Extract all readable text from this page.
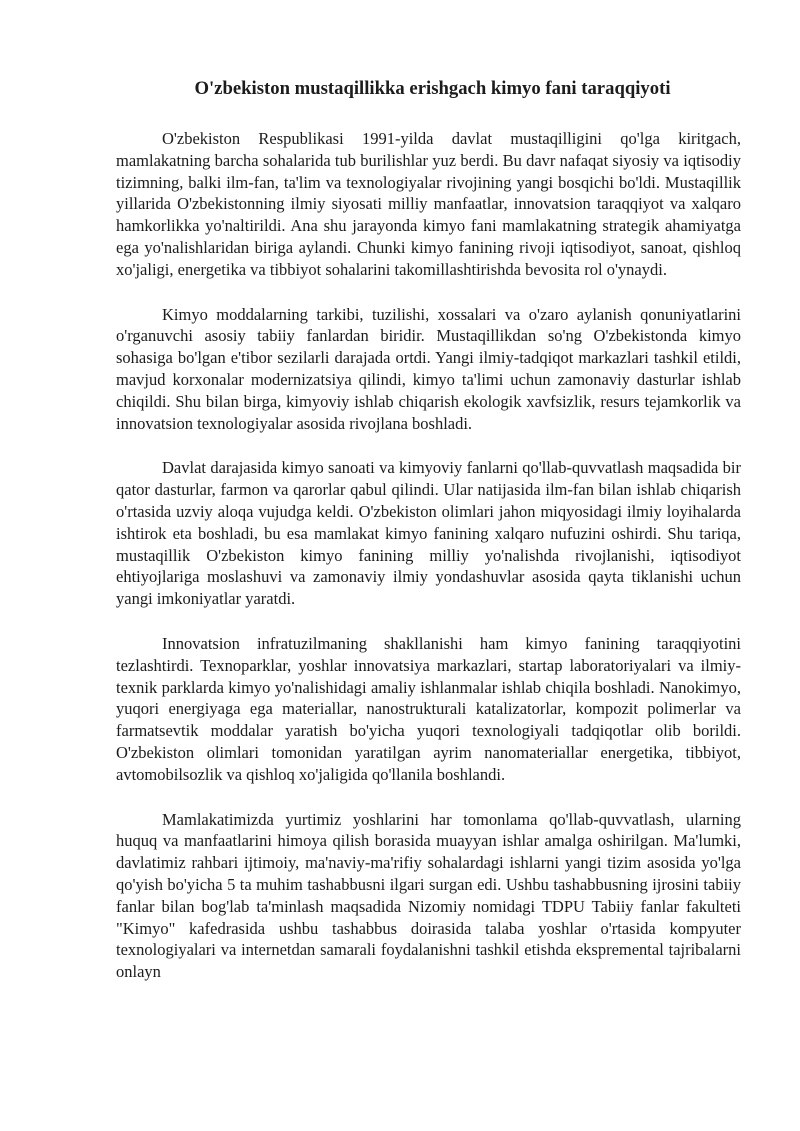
O'zbekiston mustaqillikka erishgach kimyo fani taraqqiyoti

O'zbekiston Respublikasi 1991-yilda davlat mustaqilligini qo'lga kiritgach, mamlakatning barcha sohalarida tub burilishlar yuz berdi. Bu davr nafaqat siyosiy va iqtisodiy tizimning, balki ilm-fan, ta'lim va texnologiyalar rivojining yangi bosqichi bo'ldi. Mustaqillik yillarida O'zbekistonning ilmiy siyosati milliy manfaatlar, innovatsion taraqqiyot va xalqaro hamkorlikka yo'naltirildi. Ana shu jarayonda kimyo fani mamlakatning strategik ahamiyatga ega yo'nalishlaridan biriga aylandi. Chunki kimyo fanining rivoji iqtisodiyot, sanoat, qishloq xo'jaligi, energetika va tibbiyot sohalarini takomillashtirishda bevosita rol o'ynaydi.

Kimyo moddalarning tarkibi, tuzilishi, xossalari va o'zaro aylanish qonuniyatlarini o'rganuvchi asosiy tabiiy fanlardan biridir. Mustaqillikdan so'ng O'zbekistonda kimyo sohasiga bo'lgan e'tibor sezilarli darajada ortdi. Yangi ilmiy-tadqiqot markazlari tashkil etildi, mavjud korxonalar modernizatsiya qilindi, kimyo ta'limi uchun zamonaviy dasturlar ishlab chiqildi. Shu bilan birga, kimyoviy ishlab chiqarish ekologik xavfsizlik, resurs tejamkorlik va innovatsion texnologiyalar asosida rivojlana boshladi.

Davlat darajasida kimyo sanoati va kimyoviy fanlarni qo'llab-quvvatlash maqsadida bir qator dasturlar, farmon va qarorlar qabul qilindi. Ular natijasida ilm-fan bilan ishlab chiqarish o'rtasida uzviy aloqa vujudga keldi. O'zbekiston olimlari jahon miqyosidagi ilmiy loyihalarda ishtirok eta boshladi, bu esa mamlakat kimyo fanining xalqaro nufuzini oshirdi. Shu tariqa, mustaqillik O'zbekiston kimyo fanining milliy yo'nalishda rivojlanishi, iqtisodiyot ehtiyojlariga moslashuvi va zamonaviy ilmiy yondashuvlar asosida qayta tiklanishi uchun yangi imkoniyatlar yaratdi.

Innovatsion infratuzilmaning shakllanishi ham kimyo fanining taraqqiyotini tezlashtirdi. Texnoparklar, yoshlar innovatsiya markazlari, startap laboratoriyalari va ilmiy-texnik parklarda kimyo yo'nalishidagi amaliy ishlanmalar ishlab chiqila boshladi. Nanokimyo, yuqori energiyaga ega materiallar, nanostrukturali katalizatorlar, kompozit polimerlar va farmatsevtik moddalar yaratish bo'yicha yuqori texnologiyali tadqiqotlar olib borildi. O'zbekiston olimlari tomonidan yaratilgan ayrim nanomateriallar energetika, tibbiyot, avtomobilsozlik va qishloq xo'jaligida qo'llanila boshlandi.

Mamlakatimizda yurtimiz yoshlarini har tomonlama qo'llab-quvvatlash, ularning huquq va manfaatlarini himoya qilish borasida muayyan ishlar amalga oshirilgan. Ma'lumki, davlatimiz rahbari ijtimoiy, ma'naviy-ma'rifiy sohalardagi ishlarni yangi tizim asosida yo'lga qo'yish bo'yicha 5 ta muhim tashabbusni ilgari surgan edi. Ushbu tashabbusning ijrosini tabiiy fanlar bilan bog'lab ta'minlash maqsadida Nizomiy nomidagi TDPU Tabiiy fanlar fakulteti "Kimyo" kafedrasida ushbu tashabbus doirasida talaba yoshlar o'rtasida kompyuter texnologiyalari va internetdan samarali foydalanishni tashkil etishda ekspremental tajribalarni onlayn
